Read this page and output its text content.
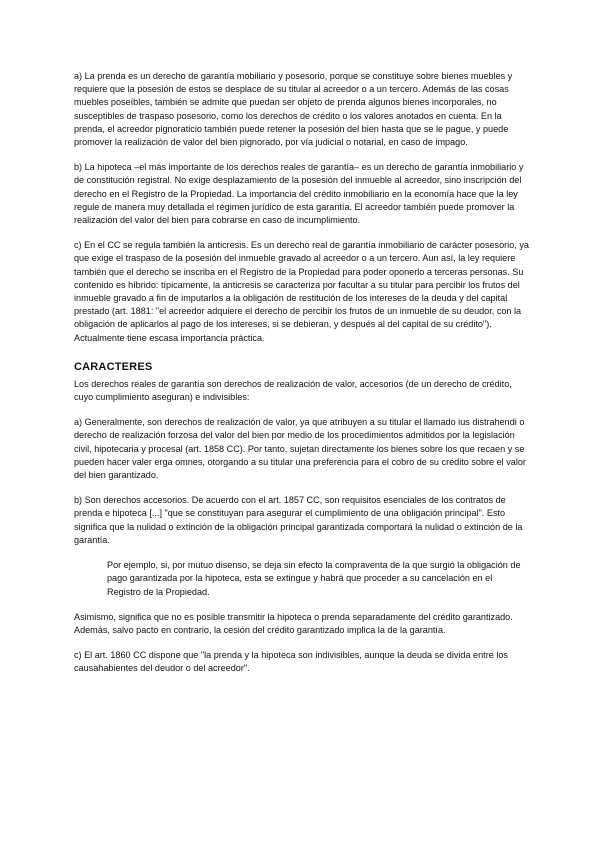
a) La prenda es un derecho de garantía mobiliario y posesorio, porque se constituye sobre bienes muebles y requiere que la posesión de estos se desplace de su titular al acreedor o a un tercero. Además de las cosas muebles poseíbles, también se admite que puedan ser objeto de prenda algunos bienes incorporales, no susceptibles de traspaso posesorio, como los derechos de crédito o los valores anotados en cuenta. En la prenda, el acreedor pignoraticio también puede retener la posesión del bien hasta que se le pague, y puede promover la realización de valor del bien pignorado, por vía judicial o notarial, en caso de impago.

b) La hipoteca –el más importante de los derechos reales de garantía– es un derecho de garantía inmobiliario y de constitución registral. No exige desplazamiento de la posesión del inmueble al acreedor, sino inscripción del derecho en el Registro de la Propiedad. La importancia del crédito inmobiliario en la economía hace que la ley regule de manera muy detallada el régimen jurídico de esta garantía. El acreedor también puede promover la realización del valor del bien para cobrarse en caso de incumplimiento.

c) En el CC se regula también la anticresis. Es un derecho real de garantía inmobiliario de carácter posesorio, ya que exige el traspaso de la posesión del inmueble gravado al acreedor o a un tercero. Aun así, la ley requiere también que el derecho se inscriba en el Registro de la Propiedad para poder oponerlo a terceras personas. Su contenido es híbrido: típicamente, la anticresis se caracteriza por facultar a su titular para percibir los frutos del inmueble gravado a fin de imputarlos a la obligación de restitución de los intereses de la deuda y del capital prestado (art. 1881: "el acreedor adquiere el derecho de percibir los frutos de un inmueble de su deudor, con la obligación de aplicarlos al pago de los intereses, si se debieran, y después al del capital de su crédito"). Actualmente tiene escasa importancia práctica.

CARACTERES

Los derechos reales de garantía son derechos de realización de valor, accesorios (de un derecho de crédito, cuyo cumplimiento aseguran) e indivisibles:

a) Generalmente, son derechos de realización de valor, ya que atribuyen a su titular el llamado ius distrahendi o derecho de realización forzosa del valor del bien por medio de los procedimientos admitidos por la legislación civil, hipotecaria y procesal (art. 1858 CC). Por tanto, sujetan directamente los bienes sobre los que recaen y se pueden hacer valer erga omnes, otorgando a su titular una preferencia para el cobro de su crédito sobre el valor del bien garantizado.

b) Son derechos accesorios. De acuerdo con el art. 1857 CC, son requisitos esenciales de los contratos de prenda e hipoteca [...] "que se constituyan para asegurar el cumplimiento de una obligación principal". Esto significa que la nulidad o extinción de la obligación principal garantizada comportará la nulidad o extinción de la garantía.

Por ejemplo, si, por mutuo disenso, se deja sin efecto la compraventa de la que surgió la obligación de pago garantizada por la hipoteca, esta se extingue y habrá que proceder a su cancelación en el Registro de la Propiedad.

Asimismo, significa que no es posible transmitir la hipoteca o prenda separadamente del crédito garantizado. Además, salvo pacto en contrario, la cesión del crédito garantizado implica la de la garantía.

c) El art. 1860 CC dispone que "la prenda y la hipoteca son indivisibles, aunque la deuda se divida entre los causahabientes del deudor o del acreedor".
